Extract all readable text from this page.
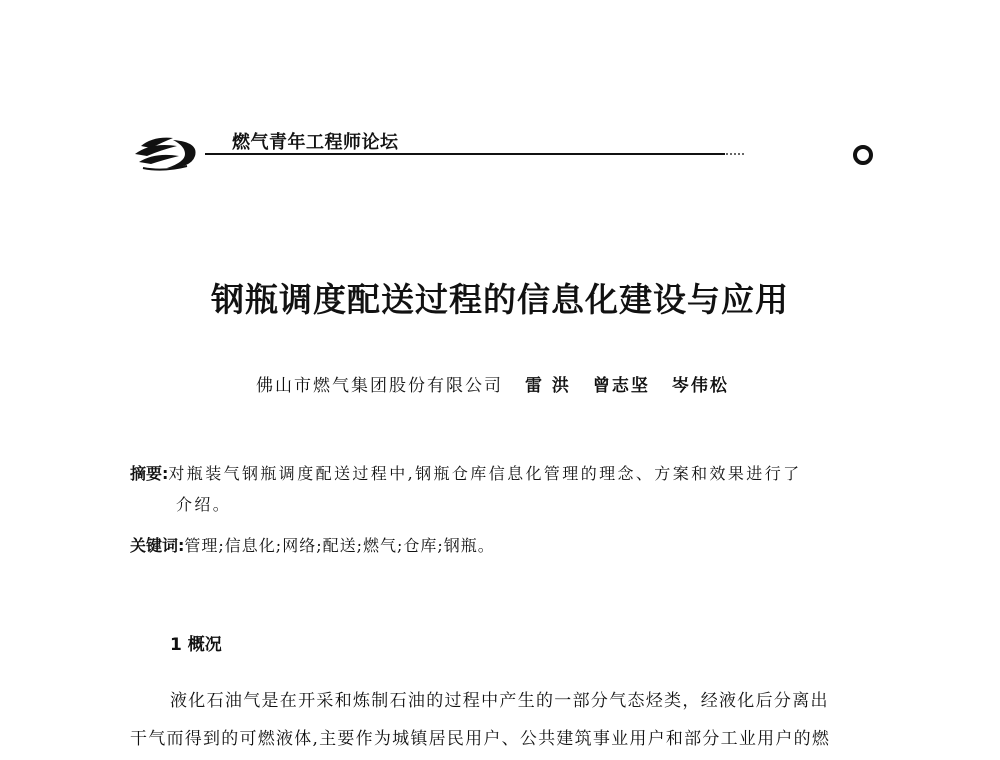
燃气青年工程师论坛
钢瓶调度配送过程的信息化建设与应用
佛山市燃气集团股份有限公司 雷 洪 曾志坚 岑伟松
摘要:对瓶装气钢瓶调度配送过程中,钢瓶仓库信息化管理的理念、方案和效果进行了
介绍。
关键词:管理;信息化;网络;配送;燃气;仓库;钢瓶。
1 概况
液化石油气是在开采和炼制石油的过程中产生的一部分气态烃类，经液化后分离出
干气而得到的可燃液体,主要作为城镇居民用户、公共建筑事业用户和部分工业用户的燃
